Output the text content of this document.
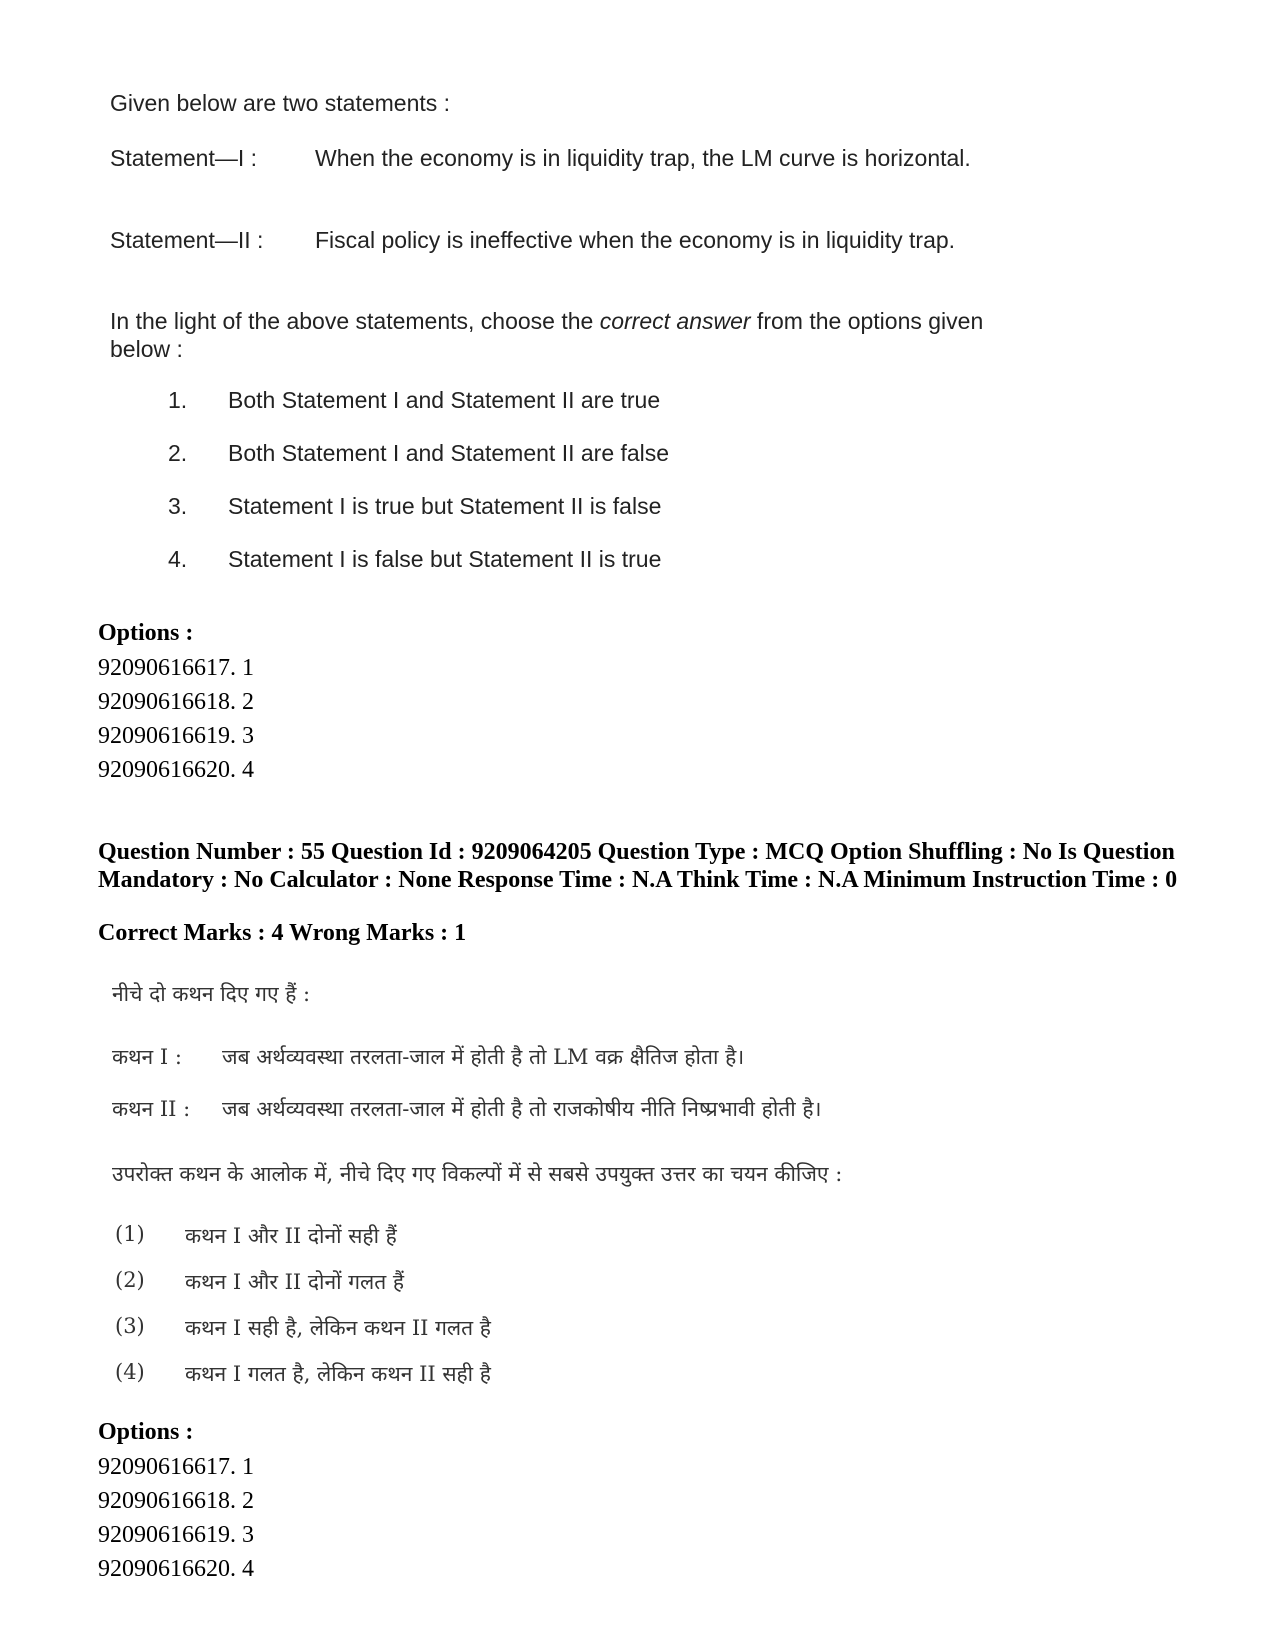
Given below are two statements :
Statement—I :	When the economy is in liquidity trap, the LM curve is horizontal.
Statement—II :	Fiscal policy is ineffective when the economy is in liquidity trap.
In the light of the above statements, choose the correct answer from the options given below :
1.	Both Statement I and Statement II are true
2.	Both Statement I and Statement II are false
3.	Statement I is true but Statement II is false
4.	Statement I is false but Statement II is true
Options :
92090616617. 1
92090616618. 2
92090616619. 3
92090616620. 4
Question Number : 55 Question Id : 9209064205 Question Type : MCQ Option Shuffling : No Is Question Mandatory : No Calculator : None Response Time : N.A Think Time : N.A Minimum Instruction Time : 0
Correct Marks : 4 Wrong Marks : 1
नीचे दो कथन दिए गए हैं :
कथन I :	जब अर्थव्यवस्था तरलता-जाल में होती है तो LM वक्र क्षैतिज होता है।
कथन II :	जब अर्थव्यवस्था तरलता-जाल में होती है तो राजकोषीय नीति निष्प्रभावी होती है।
उपरोक्त कथन के आलोक में, नीचे दिए गए विकल्पों में से सबसे उपयुक्त उत्तर का चयन कीजिए :
(1)	कथन I और II दोनों सही हैं
(2)	कथन I और II दोनों गलत हैं
(3)	कथन I सही है, लेकिन कथन II गलत है
(4)	कथन I गलत है, लेकिन कथन II सही है
Options :
92090616617. 1
92090616618. 2
92090616619. 3
92090616620. 4
